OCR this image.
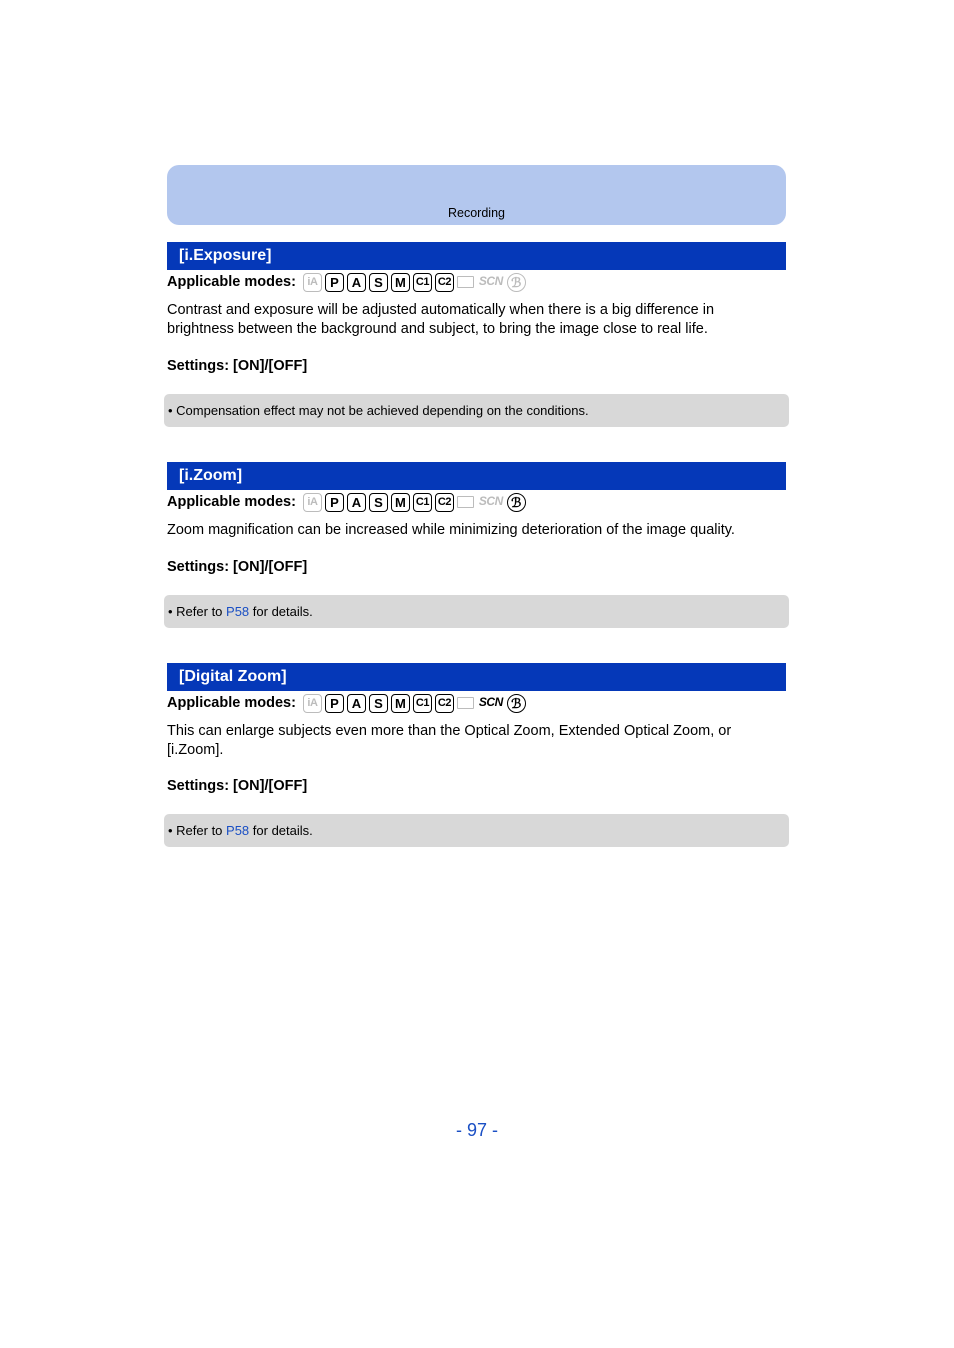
Recording
[i.Exposure]
Applicable modes:	iA P A S M C1 C2 SCN ℬ
Contrast and exposure will be adjusted automatically when there is a big difference in brightness between the background and subject, to bring the image close to real life.
Settings: [ON]/[OFF]
• Compensation effect may not be achieved depending on the conditions.
[i.Zoom]
Applicable modes:	iA P A S M C1 C2 SCN ℬ
Zoom magnification can be increased while minimizing deterioration of the image quality.
Settings: [ON]/[OFF]
• Refer to P58 for details.
[Digital Zoom]
Applicable modes:	iA P A S M C1 C2 SCN ℬ
This can enlarge subjects even more than the Optical Zoom, Extended Optical Zoom, or [i.Zoom].
Settings: [ON]/[OFF]
• Refer to P58 for details.
- 97 -
